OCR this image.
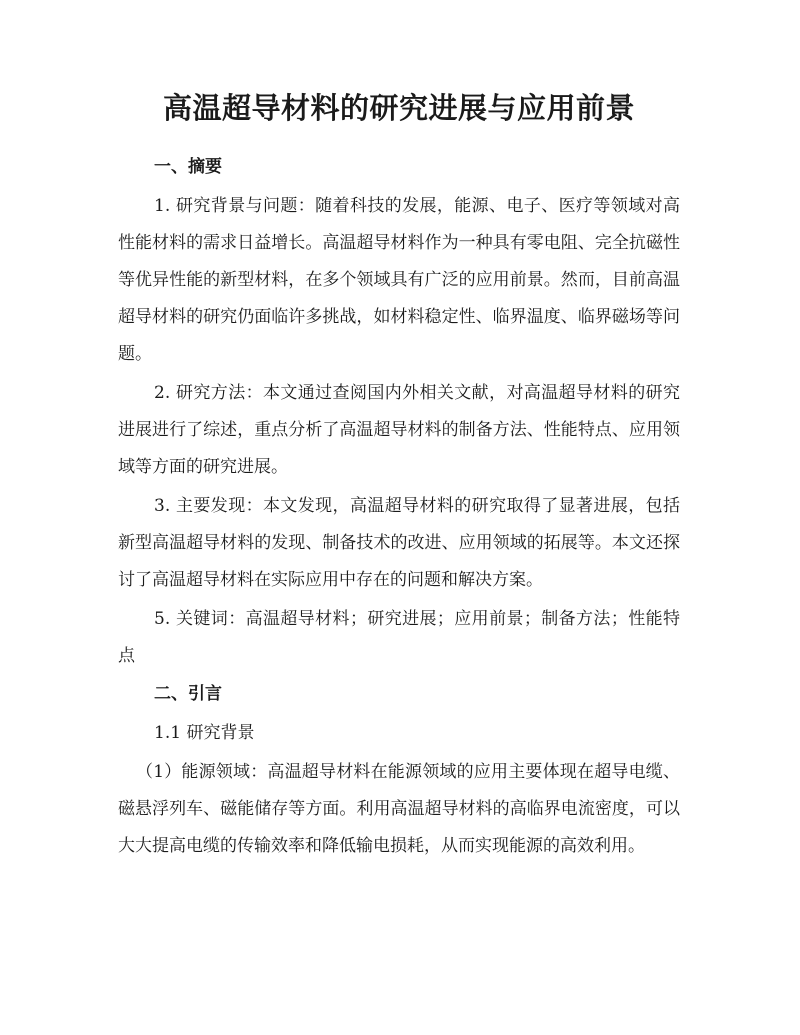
高温超导材料的研究进展与应用前景
一、摘要

1. 研究背景与问题：随着科技的发展，能源、电子、医疗等领域对高性能材料的需求日益增长。高温超导材料作为一种具有零电阻、完全抗磁性等优异性能的新型材料，在多个领域具有广泛的应用前景。然而，目前高温超导材料的研究仍面临许多挑战，如材料稳定性、临界温度、临界磁场等问题。

2. 研究方法：本文通过查阅国内外相关文献，对高温超导材料的研究进展进行了综述，重点分析了高温超导材料的制备方法、性能特点、应用领域等方面的研究进展。

3. 主要发现：本文发现，高温超导材料的研究取得了显著进展，包括新型高温超导材料的发现、制备技术的改进、应用领域的拓展等。本文还探讨了高温超导材料在实际应用中存在的问题和解决方案。

5. 关键词：高温超导材料；研究进展；应用前景；制备方法；性能特点

二、引言

1.1 研究背景

（1）能源领域：高温超导材料在能源领域的应用主要体现在超导电缆、磁悬浮列车、磁能储存等方面。利用高温超导材料的高临界电流密度，可以大大提高电缆的传输效率和降低输电损耗，从而实现能源的高效利用。
